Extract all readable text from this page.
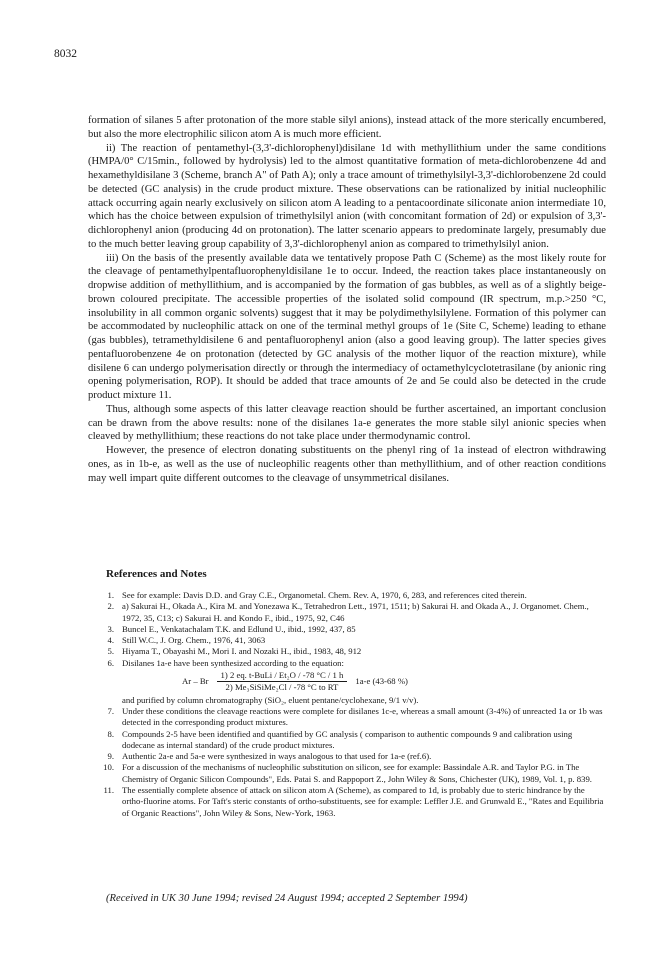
8032

formation of silanes 5 after protonation of the more stable silyl anions), instead attack of the more sterically encumbered, but also the more electrophilic silicon atom A is much more efficient.

ii) The reaction of pentamethyl-(3,3'-dichlorophenyl)disilane 1d with methyllithium under the same conditions (HMPA/0° C/15min., followed by hydrolysis) led to the almost quantitative formation of meta-dichlorobenzene 4d and hexamethyldisilane 3 (Scheme, branch A" of Path A); only a trace amount of trimethylsilyl-3,3'-dichlorobenzene 2d could be detected (GC analysis) in the crude product mixture. These observations can be rationalized by initial nucleophilic attack occurring again nearly exclusively on silicon atom A leading to a pentacoordinate siliconate anion intermediate 10, which has the choice between expulsion of trimethylsilyl anion (with concomitant formation of 2d) or expulsion of 3,3'-dichlorophenyl anion (producing 4d on protonation). The latter scenario appears to predominate largely, presumably due to the much better leaving group capability of 3,3'-dichlorophenyl anion as compared to trimethylsilyl anion.

iii) On the basis of the presently available data we tentatively propose Path C (Scheme) as the most likely route for the cleavage of pentamethylpentafluorophenyldisilane 1e to occur. Indeed, the reaction takes place instantaneously on dropwise addition of methyllithium, and is accompanied by the formation of gas bubbles, as well as of a slightly beige-brown coloured precipitate. The accessible properties of the isolated solid compound (IR spectrum, m.p.>250 °C, insolubility in all common organic solvents) suggest that it may be polydimethylsilylene. Formation of this polymer can be accommodated by nucleophilic attack on one of the terminal methyl groups of 1e (Site C, Scheme) leading to ethane (gas bubbles), tetramethyldisilene 6 and pentafluorophenyl anion (also a good leaving group). The latter species gives pentafluorobenzene 4e on protonation (detected by GC analysis of the mother liquor of the reaction mixture), while disilene 6 can undergo polymerisation directly or through the intermediacy of octamethylcyclotetrasilane (by anionic ring opening polymerisation, ROP). It should be added that trace amounts of 2e and 5e could also be detected in the crude product mixture 11.

Thus, although some aspects of this latter cleavage reaction should be further ascertained, an important conclusion can be drawn from the above results: none of the disilanes 1a-e generates the more stable silyl anionic species when cleaved by methyllithium; these reactions do not take place under thermodynamic control.

However, the presence of electron donating substituents on the phenyl ring of 1a instead of electron withdrawing ones, as in 1b-e, as well as the use of nucleophilic reagents other than methyllithium, and of other reaction conditions may well impart quite different outcomes to the cleavage of unsymmetrical disilanes.

References and Notes
1. See for example: Davis D.D. and Gray C.E., Organometal. Chem. Rev. A, 1970, 6, 283, and references cited therein.
2. a) Sakurai H., Okada A., Kira M. and Yonezawa K., Tetrahedron Lett., 1971, 1511; b) Sakurai H. and Okada A., J. Organomet. Chem., 1972, 35, C13; c) Sakurai H. and Kondo F., ibid., 1975, 92, C46
3. Buncel E., Venkatachalam T.K. and Edlund U., ibid., 1992, 437, 85
4. Still W.C., J. Org. Chem., 1976, 41, 3063
5. Hiyama T., Obayashi M., Mori I. and Nozaki H., ibid., 1983, 48, 912
6. Disilanes 1a-e have been synthesized according to the equation:
Ar – Br $\frac{\text{1) 2 eq. t-BuLi / Et₂O / -78 °C / 1 h}}{\text{2) Me₃SiSiMe₂Cl / -78 °C to RT}} 1a-e$ (43-68 %)
and purified by column chromatography (SiO₂, eluent pentane/cyclohexane, 9/1 v/v).
7. Under these conditions the cleavage reactions were complete for disilanes 1c-e, whereas a small amount (3-4%) of unreacted 1a or 1b was detected in the corresponding product mixtures.
8. Compounds 2-5 have been identified and quantified by GC analysis ( comparison to authentic compounds 9 and calibration using dodecane as internal standard) of the crude product mixtures.
9. Authentic 2a-e and 5a-e were synthesized in ways analogous to that used for 1a-e (ref.6).
10. For a discussion of the mechanisms of nucleophilic substitution on silicon, see for example: Bassindale A.R. and Taylor P.G. in The Chemistry of Organic Silicon Compounds", Eds. Patai S. and Rappoport Z., John Wiley & Sons, Chichester (UK), 1989, Vol. 1, p. 839.
11. The essentially complete absence of attack on silicon atom A (Scheme), as compared to 1d, is probably due to steric hindrance by the ortho-fluorine atoms. For Taft's steric constants of ortho-substituents, see for example: Leffler J.E. and Grunwald E., "Rates and Equilibria of Organic Reactions", John Wiley & Sons, New-York, 1963.
(Received in UK 30 June 1994; revised 24 August 1994; accepted 2 September 1994)
